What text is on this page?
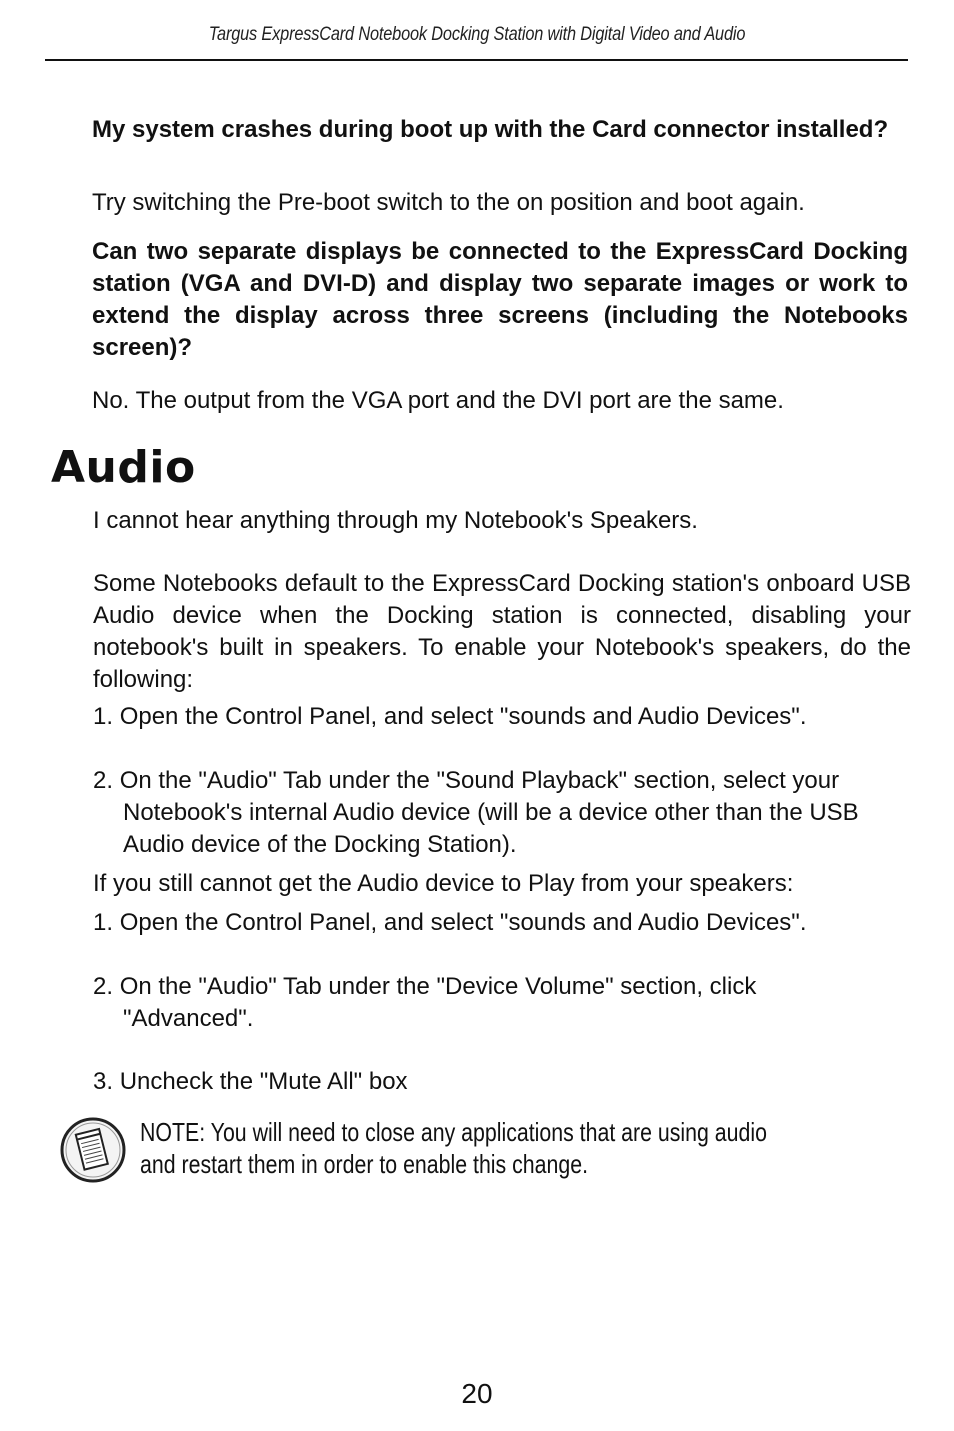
Targus ExpressCard Notebook Docking Station with Digital Video and Audio
My system crashes during boot up with the Card connector installed?
Try switching the Pre-boot switch to the on position and boot again.
Can two separate displays be connected to the ExpressCard Docking station (VGA and DVI-D) and display two separate images or work to extend the display across three screens (including the Notebooks screen)?
No. The output from the VGA port and the DVI port are the same.
Audio
I cannot hear anything through my Notebook's Speakers.
Some Notebooks default to the ExpressCard Docking station's onboard USB Audio device when the Docking station is connected, disabling your notebook's built in speakers. To enable your Notebook's speakers, do the following:
1. Open the Control Panel, and select "sounds and Audio Devices".
2. On the "Audio" Tab under the "Sound Playback" section, select your Notebook's internal Audio device (will be a device other than the USB Audio device of the Docking Station).
If you still cannot get the Audio device to Play from your speakers:
1. Open the Control Panel, and select "sounds and Audio Devices".
2. On the "Audio" Tab under the "Device Volume" section, click "Advanced".
3. Uncheck the "Mute All" box
NOTE: You will need to close any applications that are using audio and restart them in order to enable this change.
20
